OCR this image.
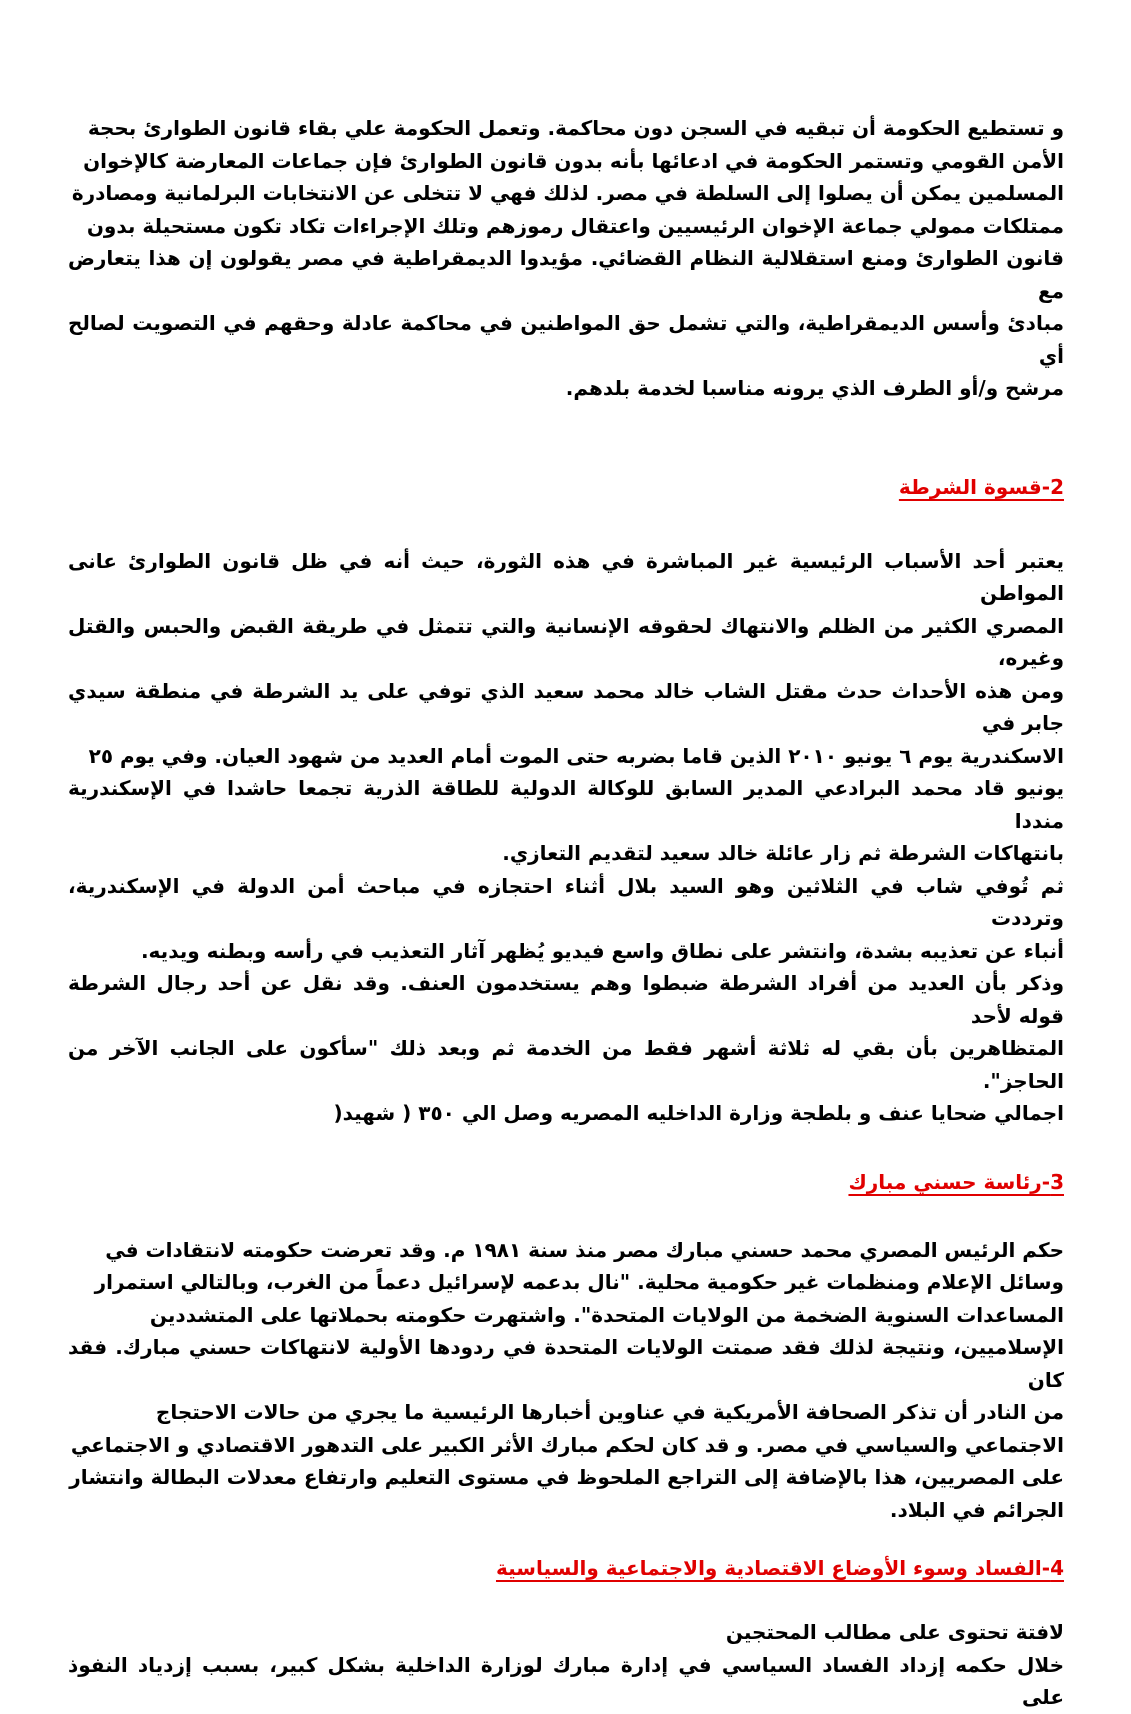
و تستطيع الحكومة أن تبقيه في السجن دون محاكمة. وتعمل الحكومة علي بقاء قانون الطوارئ بحجة
الأمن القومي وتستمر الحكومة في ادعائها بأنه بدون قانون الطوارئ فإن جماعات المعارضة كالإخوان
المسلمين يمكن أن يصلوا إلى السلطة في مصر. لذلك فهي لا تتخلى عن الانتخابات البرلمانية ومصادرة
ممتلكات ممولي جماعة الإخوان الرئيسيين واعتقال رموزهم وتلك الإجراءات تكاد تكون مستحيلة بدون
قانون الطوارئ ومنع استقلالية النظام القضائي. مؤيدوا الديمقراطية في مصر يقولون إن هذا يتعارض مع
مبادئ وأسس الديمقراطية، والتي تشمل حق المواطنين في محاكمة عادلة وحقهم في التصويت لصالح أي
مرشح و/أو الطرف الذي يرونه مناسبا لخدمة بلدهم.
2-قسوة الشرطة
يعتبر أحد الأسباب الرئيسية غير المباشرة في هذه الثورة، حيث أنه في ظل قانون الطوارئ عانى المواطن
المصري الكثير من الظلم والانتهاك لحقوقه الإنسانية والتي تتمثل في طريقة القبض والحبس والقتل وغيره،
ومن هذه الأحداث حدث مقتل الشاب خالد محمد سعيد الذي توفي على يد الشرطة في منطقة سيدي جابر في
الاسكندرية يوم ٦ يونيو ٢٠١٠ الذين قاما بضربه حتى الموت أمام العديد من شهود العيان. وفي يوم ٢٥
يونيو قاد محمد البرادعي المدير السابق للوكالة الدولية للطاقة الذرية تجمعا حاشدا في الإسكندرية منددا
بانتهاكات الشرطة ثم زار عائلة خالد سعيد لتقديم التعازي.
ثم تُوفي شاب في الثلاثين وهو السيد بلال أثناء احتجازه في مباحث أمن الدولة في الإسكندرية، وترددت
أنباء عن تعذيبه بشدة، وانتشر على نطاق واسع فيديو يُظهر آثار التعذيب في رأسه وبطنه ويديه.
وذكر بأن العديد من أفراد الشرطة ضبطوا وهم يستخدمون العنف. وقد نقل عن أحد رجال الشرطة قوله لأحد
المتظاهرين بأن بقي له ثلاثة أشهر فقط من الخدمة ثم وبعد ذلك "سأكون على الجانب الآخر من الحاجز".
اجمالي ضحايا عنف و بلطجة وزارة الداخليه المصريه وصل الي ٣٥٠ ( شهيد(
3-رئاسة حسني مبارك
حكم الرئيس المصري محمد حسني مبارك مصر منذ سنة ١٩٨١ م. وقد تعرضت حكومته لانتقادات في
وسائل الإعلام ومنظمات غير حكومية محلية. "نال بدعمه لإسرائيل دعماً من الغرب، وبالتالي استمرار
المساعدات السنوية الضخمة من الولايات المتحدة". واشتهرت حكومته بحملاتها على المتشددين
الإسلاميين، ونتيجة لذلك فقد صمتت الولايات المتحدة في ردودها الأولية لانتهاكات حسني مبارك. فقد كان
من النادر أن تذكر الصحافة الأمريكية في عناوين أخبارها الرئيسية ما يجري من حالات الاحتجاج
الاجتماعي والسياسي في مصر. و قد كان لحكم مبارك الأثر الكبير على التدهور الاقتصادي و الاجتماعي
على المصريين، هذا بالإضافة إلى التراجع الملحوظ في مستوى التعليم وارتفاع معدلات البطالة وانتشار
الجرائم في البلاد.
4-الفساد وسوء الأوضاع الاقتصادية والاجتماعية والسياسية
لافتة تحتوى على مطالب المحتجين
خلال حكمه إزداد الفساد السياسي في إدارة مبارك لوزارة الداخلية بشكل كبير، بسبب إزدياد النفوذ على
